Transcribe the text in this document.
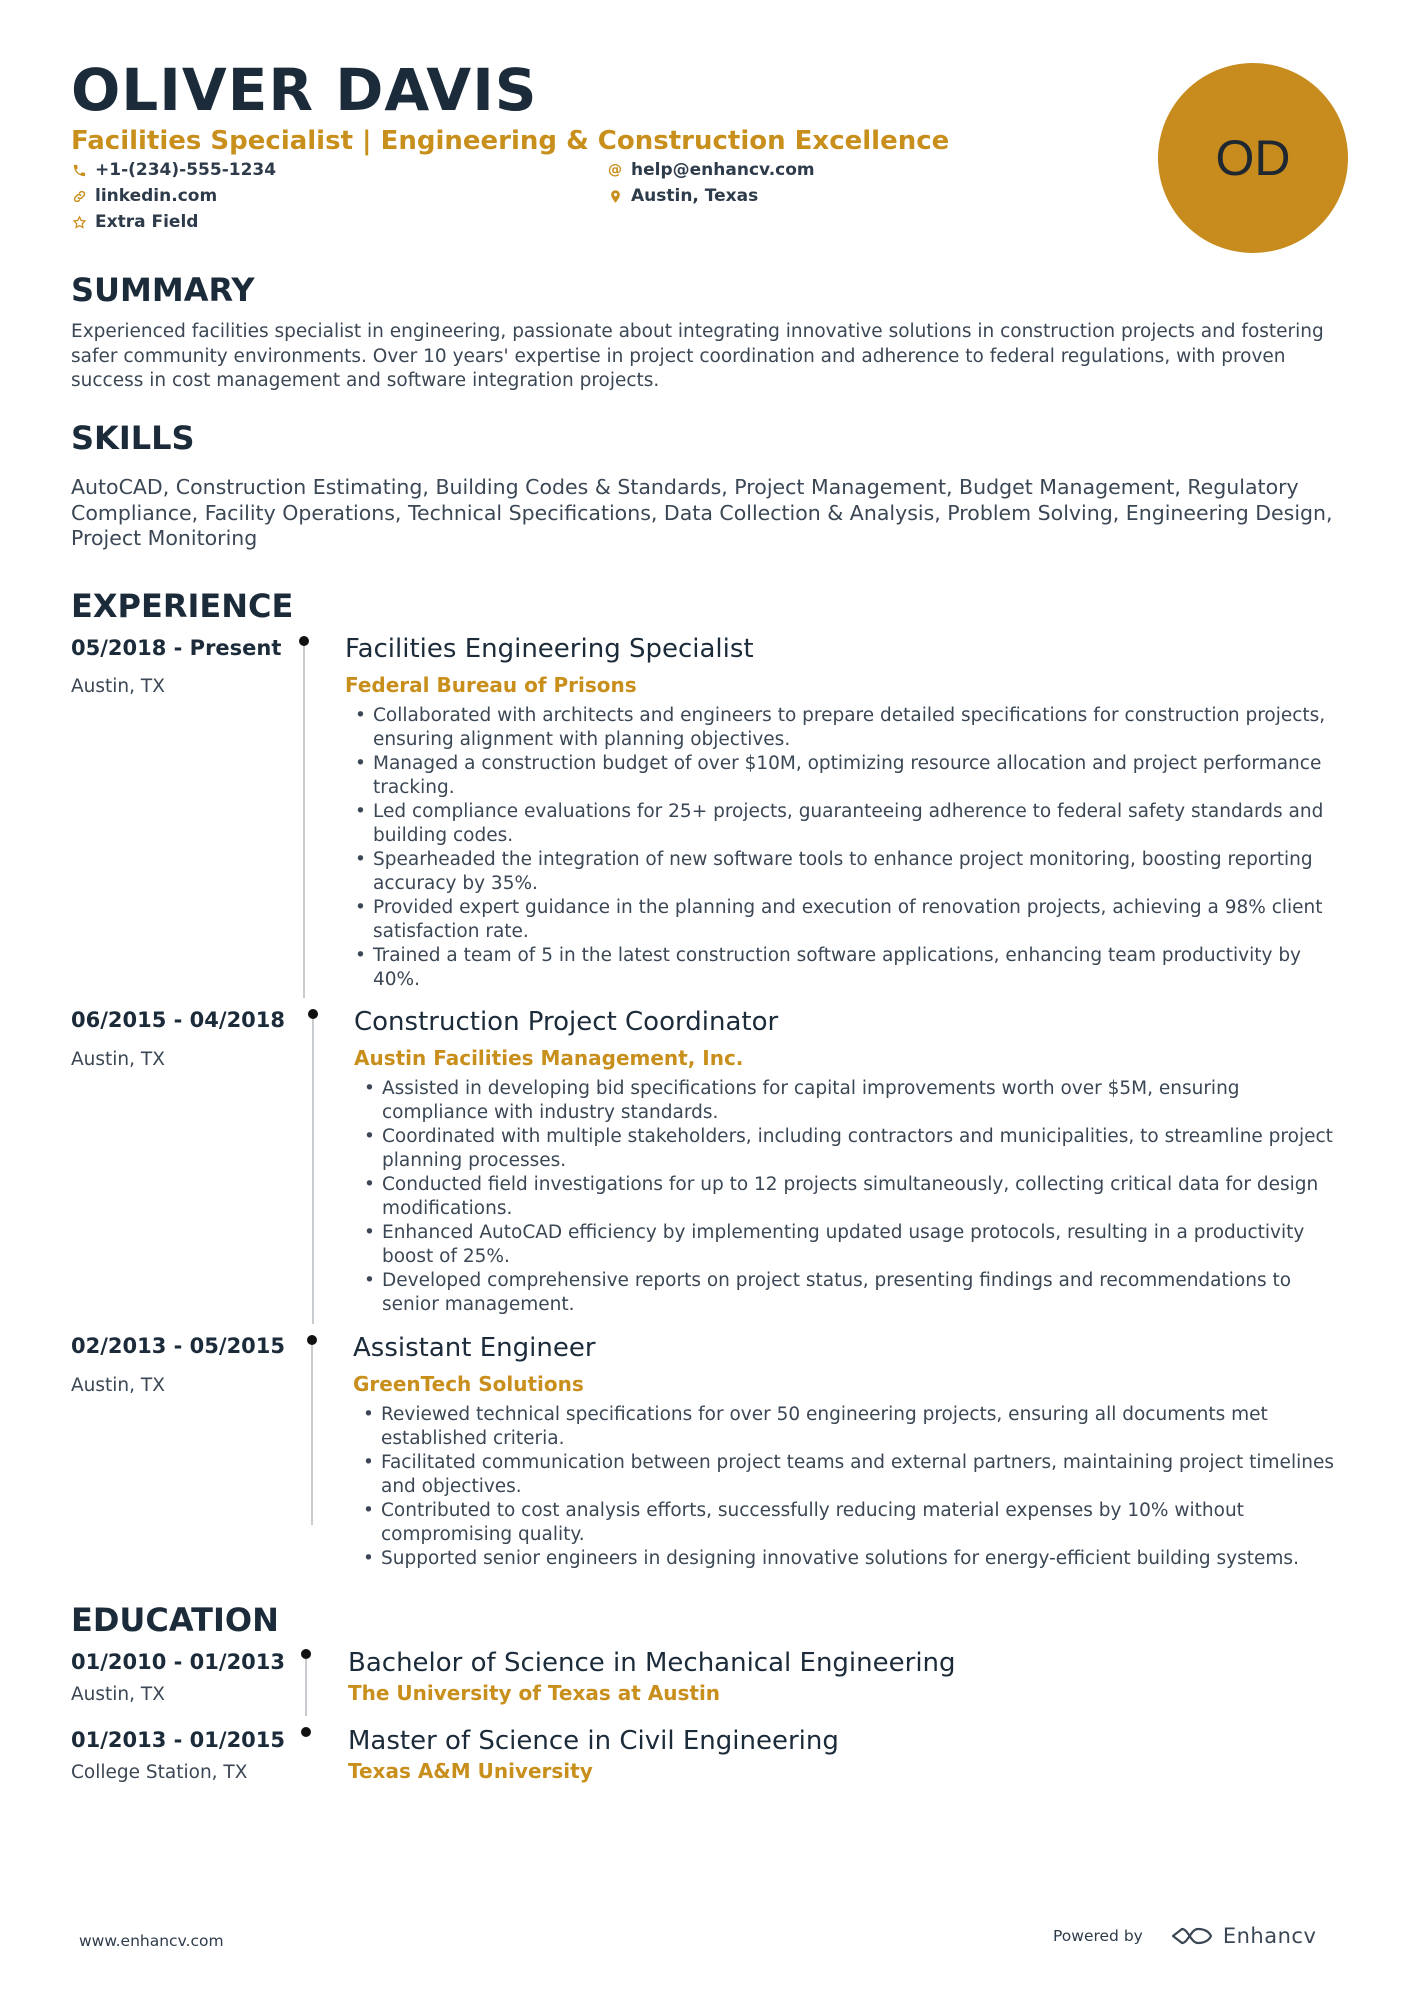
OLIVER DAVIS
Facilities Specialist | Engineering & Construction Excellence
+1-(234)-555-1234	@ help@enhancv.com
linkedin.com	Austin, Texas
Extra Field
OD
SUMMARY
Experienced facilities specialist in engineering, passionate about integrating innovative solutions in construction projects and fostering safer community environments. Over 10 years' expertise in project coordination and adherence to federal regulations, with proven success in cost management and software integration projects.
SKILLS
AutoCAD, Construction Estimating, Building Codes & Standards, Project Management, Budget Management, Regulatory Compliance, Facility Operations, Technical Specifications, Data Collection & Analysis, Problem Solving, Engineering Design, Project Monitoring
EXPERIENCE
05/2018 - Present
Austin, TX
Facilities Engineering Specialist
Federal Bureau of Prisons
• Collaborated with architects and engineers to prepare detailed specifications for construction projects, ensuring alignment with planning objectives.
• Managed a construction budget of over $10M, optimizing resource allocation and project performance tracking.
• Led compliance evaluations for 25+ projects, guaranteeing adherence to federal safety standards and building codes.
• Spearheaded the integration of new software tools to enhance project monitoring, boosting reporting accuracy by 35%.
• Provided expert guidance in the planning and execution of renovation projects, achieving a 98% client satisfaction rate.
• Trained a team of 5 in the latest construction software applications, enhancing team productivity by 40%.
06/2015 - 04/2018
Austin, TX
Construction Project Coordinator
Austin Facilities Management, Inc.
• Assisted in developing bid specifications for capital improvements worth over $5M, ensuring compliance with industry standards.
• Coordinated with multiple stakeholders, including contractors and municipalities, to streamline project planning processes.
• Conducted field investigations for up to 12 projects simultaneously, collecting critical data for design modifications.
• Enhanced AutoCAD efficiency by implementing updated usage protocols, resulting in a productivity boost of 25%.
• Developed comprehensive reports on project status, presenting findings and recommendations to senior management.
02/2013 - 05/2015
Austin, TX
Assistant Engineer
GreenTech Solutions
• Reviewed technical specifications for over 50 engineering projects, ensuring all documents met established criteria.
• Facilitated communication between project teams and external partners, maintaining project timelines and objectives.
• Contributed to cost analysis efforts, successfully reducing material expenses by 10% without compromising quality.
• Supported senior engineers in designing innovative solutions for energy-efficient building systems.
EDUCATION
01/2010 - 01/2013
Austin, TX
Bachelor of Science in Mechanical Engineering
The University of Texas at Austin
01/2013 - 01/2015
College Station, TX
Master of Science in Civil Engineering
Texas A&M University
www.enhancv.com	Powered by	Enhancv
